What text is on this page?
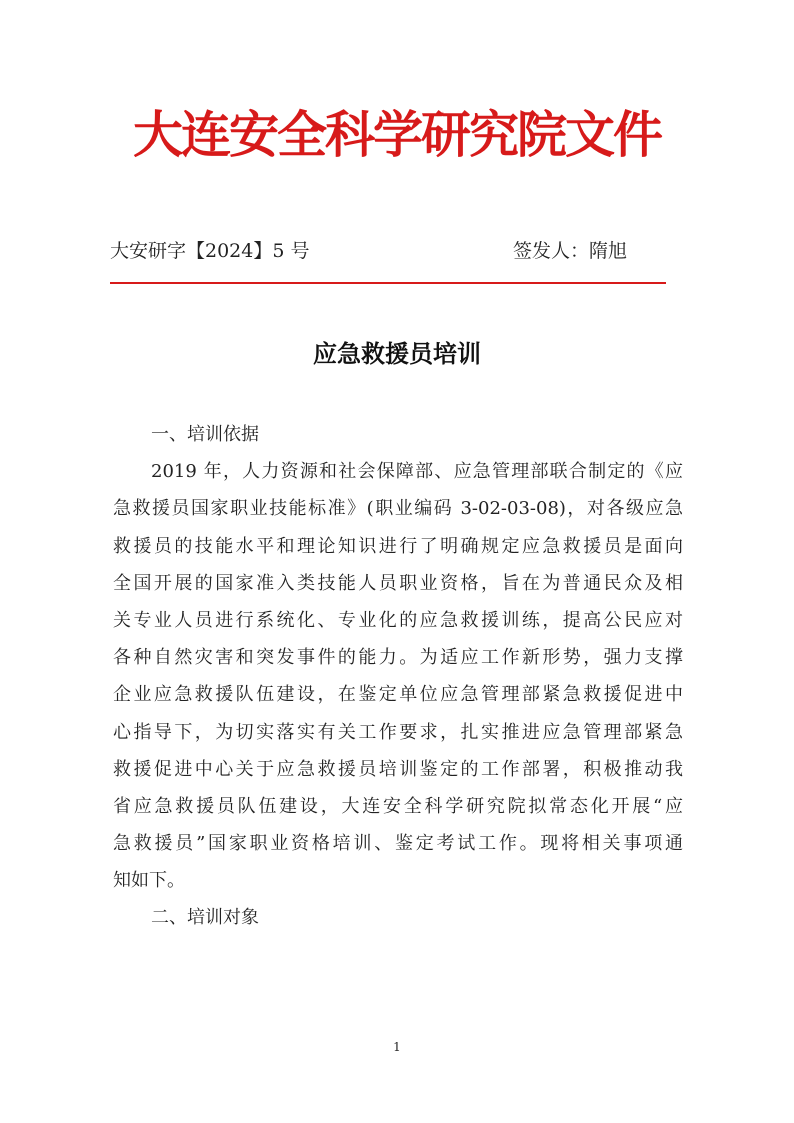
大连安全科学研究院文件
大安研字【2024】5 号	签发人：隋旭
应急救援员培训
一、培训依据
2019 年，人力资源和社会保障部、应急管理部联合制定的《应
急救援员国家职业技能标准》(职业编码 3-02-03-08)，对各级应急
救援员的技能水平和理论知识进行了明确规定应急救援员是面向
全国开展的国家准入类技能人员职业资格，旨在为普通民众及相
关专业人员进行系统化、专业化的应急救援训练，提高公民应对
各种自然灾害和突发事件的能力。为适应工作新形势，强力支撑
企业应急救援队伍建设，在鉴定单位应急管理部紧急救援促进中
心指导下，为切实落实有关工作要求，扎实推进应急管理部紧急
救援促进中心关于应急救援员培训鉴定的工作部署，积极推动我
省应急救援员队伍建设，大连安全科学研究院拟常态化开展“应
急救援员”国家职业资格培训、鉴定考试工作。现将相关事项通
知如下。
二、培训对象
1
